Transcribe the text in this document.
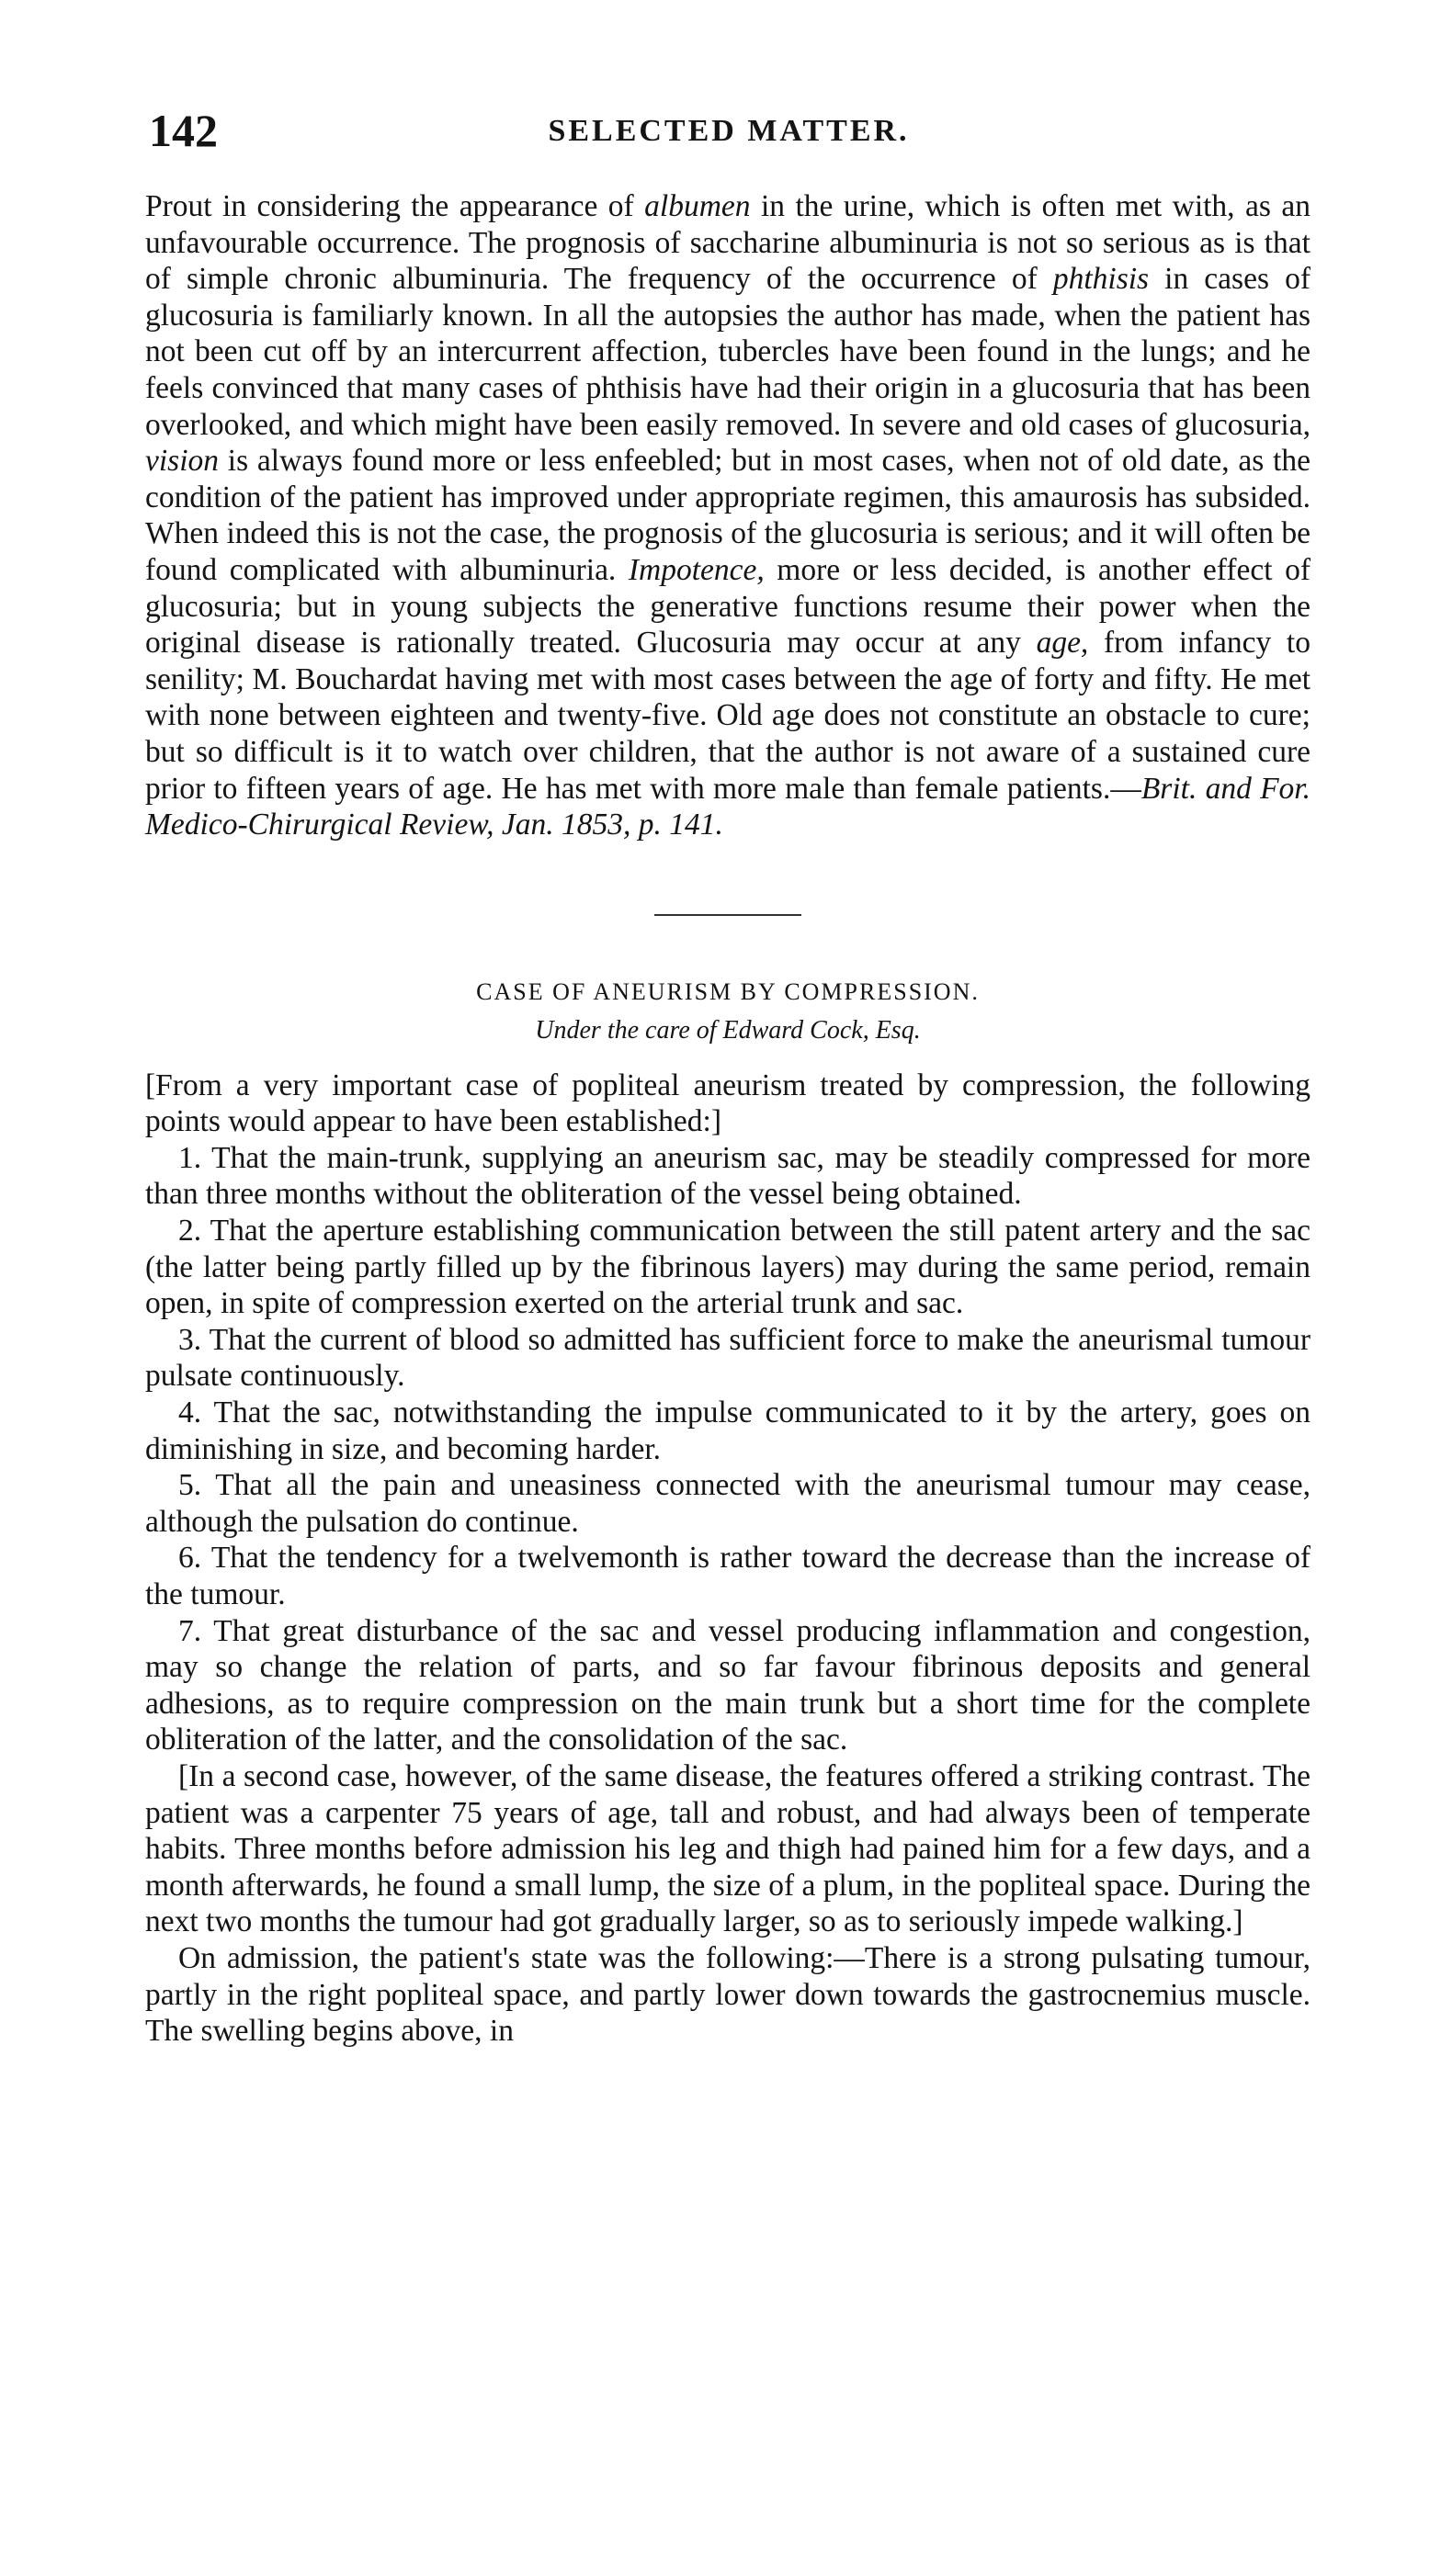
142	SELECTED MATTER.

Prout in considering the appearance of albumen in the urine, which is often met with, as an unfavourable occurrence. The prognosis of saccharine albuminuria is not so serious as is that of simple chronic albuminuria. The frequency of the occurrence of phthisis in cases of glucosuria is familiarly known. In all the autopsies the author has made, when the patient has not been cut off by an intercurrent affection, tubercles have been found in the lungs; and he feels convinced that many cases of phthisis have had their origin in a glucosuria that has been overlooked, and which might have been easily removed. In severe and old cases of glucosuria, vision is always found more or less enfeebled; but in most cases, when not of old date, as the condition of the patient has improved under appropriate regimen, this amaurosis has subsided. When indeed this is not the case, the prognosis of the glucosuria is serious; and it will often be found complicated with albuminuria. Impotence, more or less decided, is another effect of glucosuria; but in young subjects the generative functions resume their power when the original disease is rationally treated. Glucosuria may occur at any age, from infancy to senility; M. Bouchardat having met with most cases between the age of forty and fifty. He met with none between eighteen and twenty-five. Old age does not constitute an obstacle to cure; but so difficult is it to watch over children, that the author is not aware of a sustained cure prior to fifteen years of age. He has met with more male than female patients.—Brit. and For. Medico-Chirurgical Review, Jan. 1853, p. 141.

CASE OF ANEURISM BY COMPRESSION.
Under the care of Edward Cock, Esq.

[From a very important case of popliteal aneurism treated by compression, the following points would appear to have been established:]

1. That the main-trunk, supplying an aneurism sac, may be steadily compressed for more than three months without the obliteration of the vessel being obtained.

2. That the aperture establishing communication between the still patent artery and the sac (the latter being partly filled up by the fibrinous layers) may during the same period, remain open, in spite of compression exerted on the arterial trunk and sac.

3. That the current of blood so admitted has sufficient force to make the aneurismal tumour pulsate continuously.

4. That the sac, notwithstanding the impulse communicated to it by the artery, goes on diminishing in size, and becoming harder.

5. That all the pain and uneasiness connected with the aneurismal tumour may cease, although the pulsation do continue.

6. That the tendency for a twelvemonth is rather toward the decrease than the increase of the tumour.

7. That great disturbance of the sac and vessel producing inflammation and congestion, may so change the relation of parts, and so far favour fibrinous deposits and general adhesions, as to require compression on the main trunk but a short time for the complete obliteration of the latter, and the consolidation of the sac.

[In a second case, however, of the same disease, the features offered a striking contrast. The patient was a carpenter 75 years of age, tall and robust, and had always been of temperate habits. Three months before admission his leg and thigh had pained him for a few days, and a month afterwards, he found a small lump, the size of a plum, in the popliteal space. During the next two months the tumour had got gradually larger, so as to seriously impede walking.]

On admission, the patient's state was the following:—There is a strong pulsating tumour, partly in the right popliteal space, and partly lower down towards the gastrocnemius muscle. The swelling begins above, in
